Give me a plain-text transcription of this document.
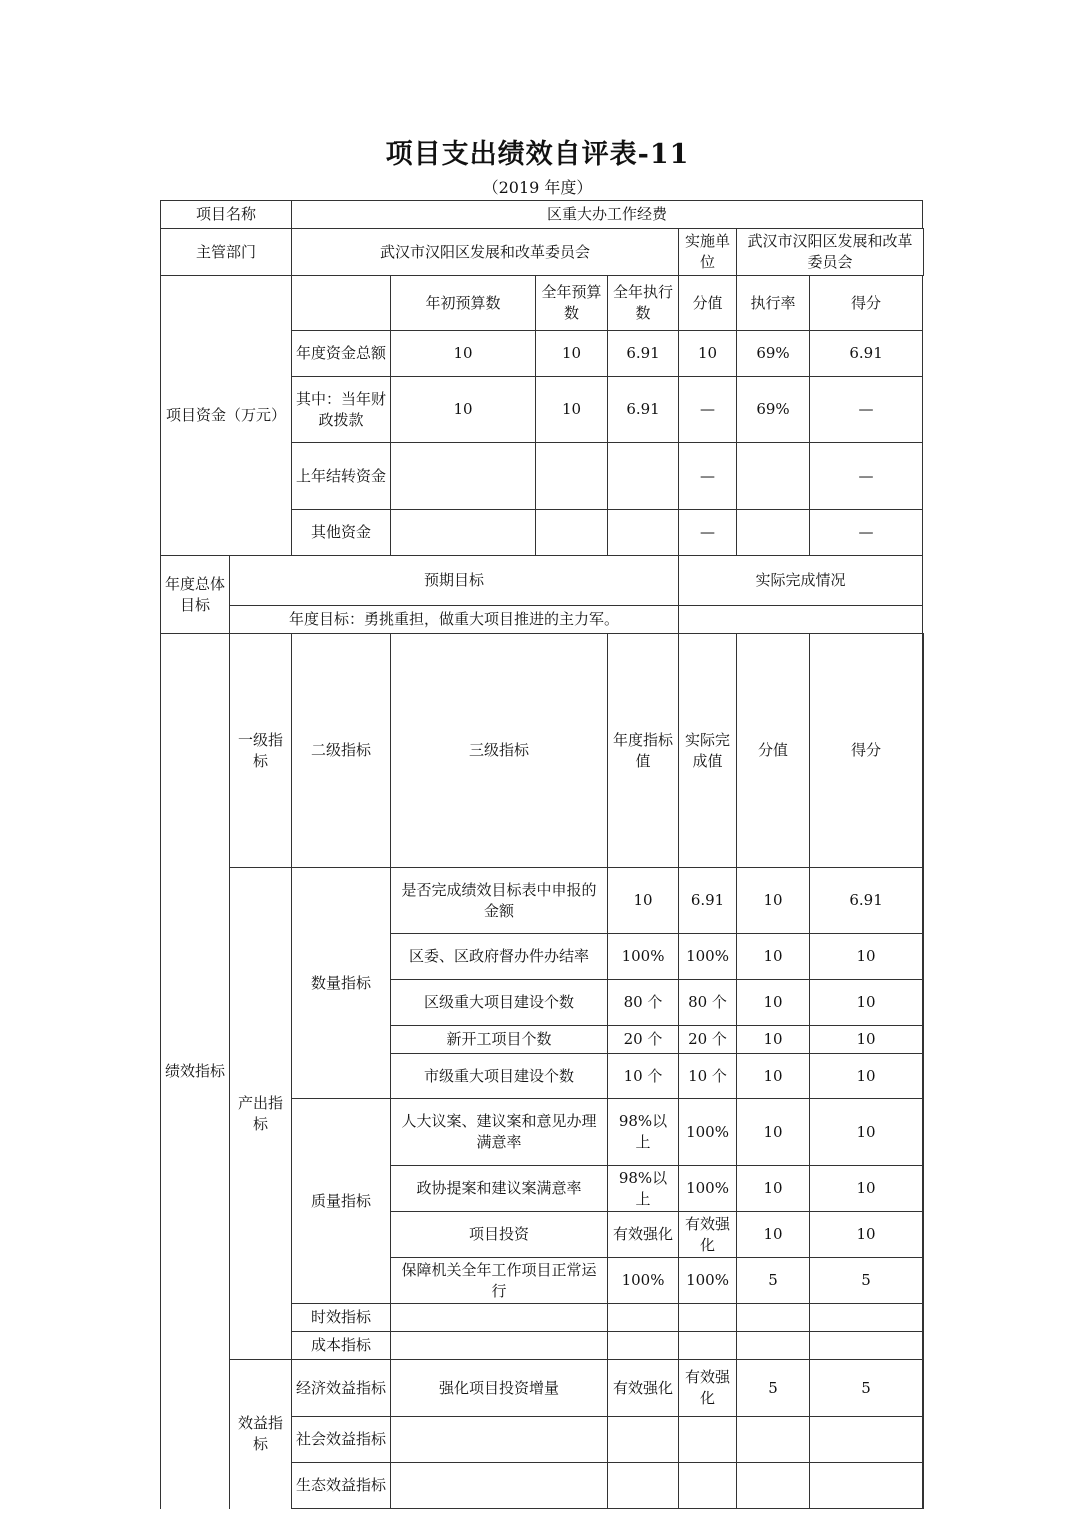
项目支出绩效自评表-11
（2019 年度）
项目名称		区重大办工作经费							
主管部门		武汉市汉阳区发展和改革委员会				实施单位	武汉市汉阳区发展和改革委员会		
项目资金（万元）			年初预算数	全年预算数	全年执行数	分值	执行率	得分	
		年度资金总额	10	10	6.91	10	69%	6.91	
		其中：当年财政拨款	10	10	6.91	—	69%	—	
		上年结转资金				—		—	
		其他资金				—		—	
年度总体目标	预期目标					实际完成情况			
	年度目标：勇挑重担，做重大项目推进的主力军。								
绩效指标	一级指标	二级指标	三级指标		年度指标值	实际完成值	分值	得分	
	产出指标	数量指标	是否完成绩效目标表中申报的金额		10	6.91	10	6.91	
			区委、区政府督办件办结率		100%	100%	10	10	
			区级重大项目建设个数		80 个	80 个	10	10	
			新开工项目个数		20 个	20 个	10	10	
			市级重大项目建设个数		10 个	10 个	10	10	
		质量指标	人大议案、建议案和意见办理满意率		98%以上	100%	10	10	
			政协提案和建议案满意率		98%以上	100%	10	10	
			项目投资		有效强化	有效强化	10	10	
			保障机关全年工作项目正常运行		100%	100%	5	5	
		时效指标							
		成本指标							
	效益指标	经济效益指标	强化项目投资增量		有效强化	有效强化	5	5	
		社会效益指标							
		生态效益指标							
